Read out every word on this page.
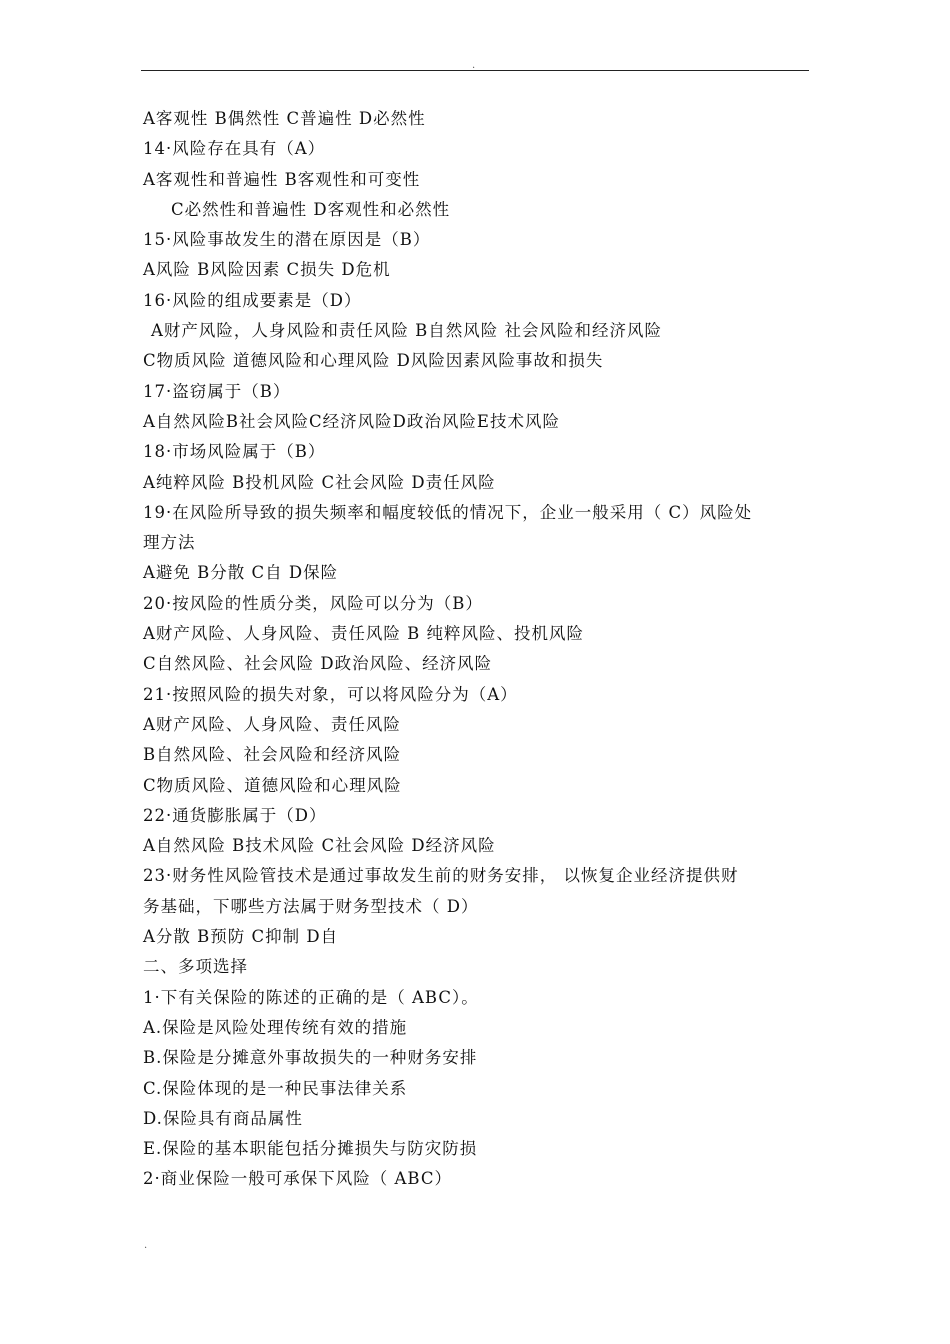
.
A客观性 B偶然性 C普遍性 D必然性
14·风险存在具有（A）
A客观性和普遍性 B客观性和可变性
C必然性和普遍性 D客观性和必然性
15·风险事故发生的潜在原因是（B）
A风险 B风险因素 C损失 D危机
16·风险的组成要素是（D）
A财产风险，人身风险和责任风险 B自然风险 社会风险和经济风险
C物质风险 道德风险和心理风险 D风险因素风险事故和损失
17·盗窃属于（B）
A自然风险B社会风险C经济风险D政治风险E技术风险
18·市场风险属于（B）
A纯粹风险 B投机风险 C社会风险 D责任风险
19·在风险所导致的损失频率和幅度较低的情况下，企业一般采用（ C）风险处
理方法
A避免 B分散 C自 D保险
20·按风险的性质分类，风险可以分为（B）
A财产风险、人身风险、责任风险 B 纯粹风险、投机风险
C自然风险、社会风险 D政治风险、经济风险
21·按照风险的损失对象，可以将风险分为（A）
A财产风险、人身风险、责任风险
B自然风险、社会风险和经济风险
C物质风险、道德风险和心理风险
22·通货膨胀属于（D）
A自然风险 B技术风险 C社会风险 D经济风险
23·财务性风险管技术是通过事故发生前的财务安排， 以恢复企业经济提供财
务基础，下哪些方法属于财务型技术（ D）
A分散 B预防 C抑制 D自
二、多项选择
1·下有关保险的陈述的正确的是（ ABC）。
A.保险是风险处理传统有效的措施
B.保险是分摊意外事故损失的一种财务安排
C.保险体现的是一种民事法律关系
D.保险具有商品属性
E.保险的基本职能包括分摊损失与防灾防损
2·商业保险一般可承保下风险（ ABC）
.
